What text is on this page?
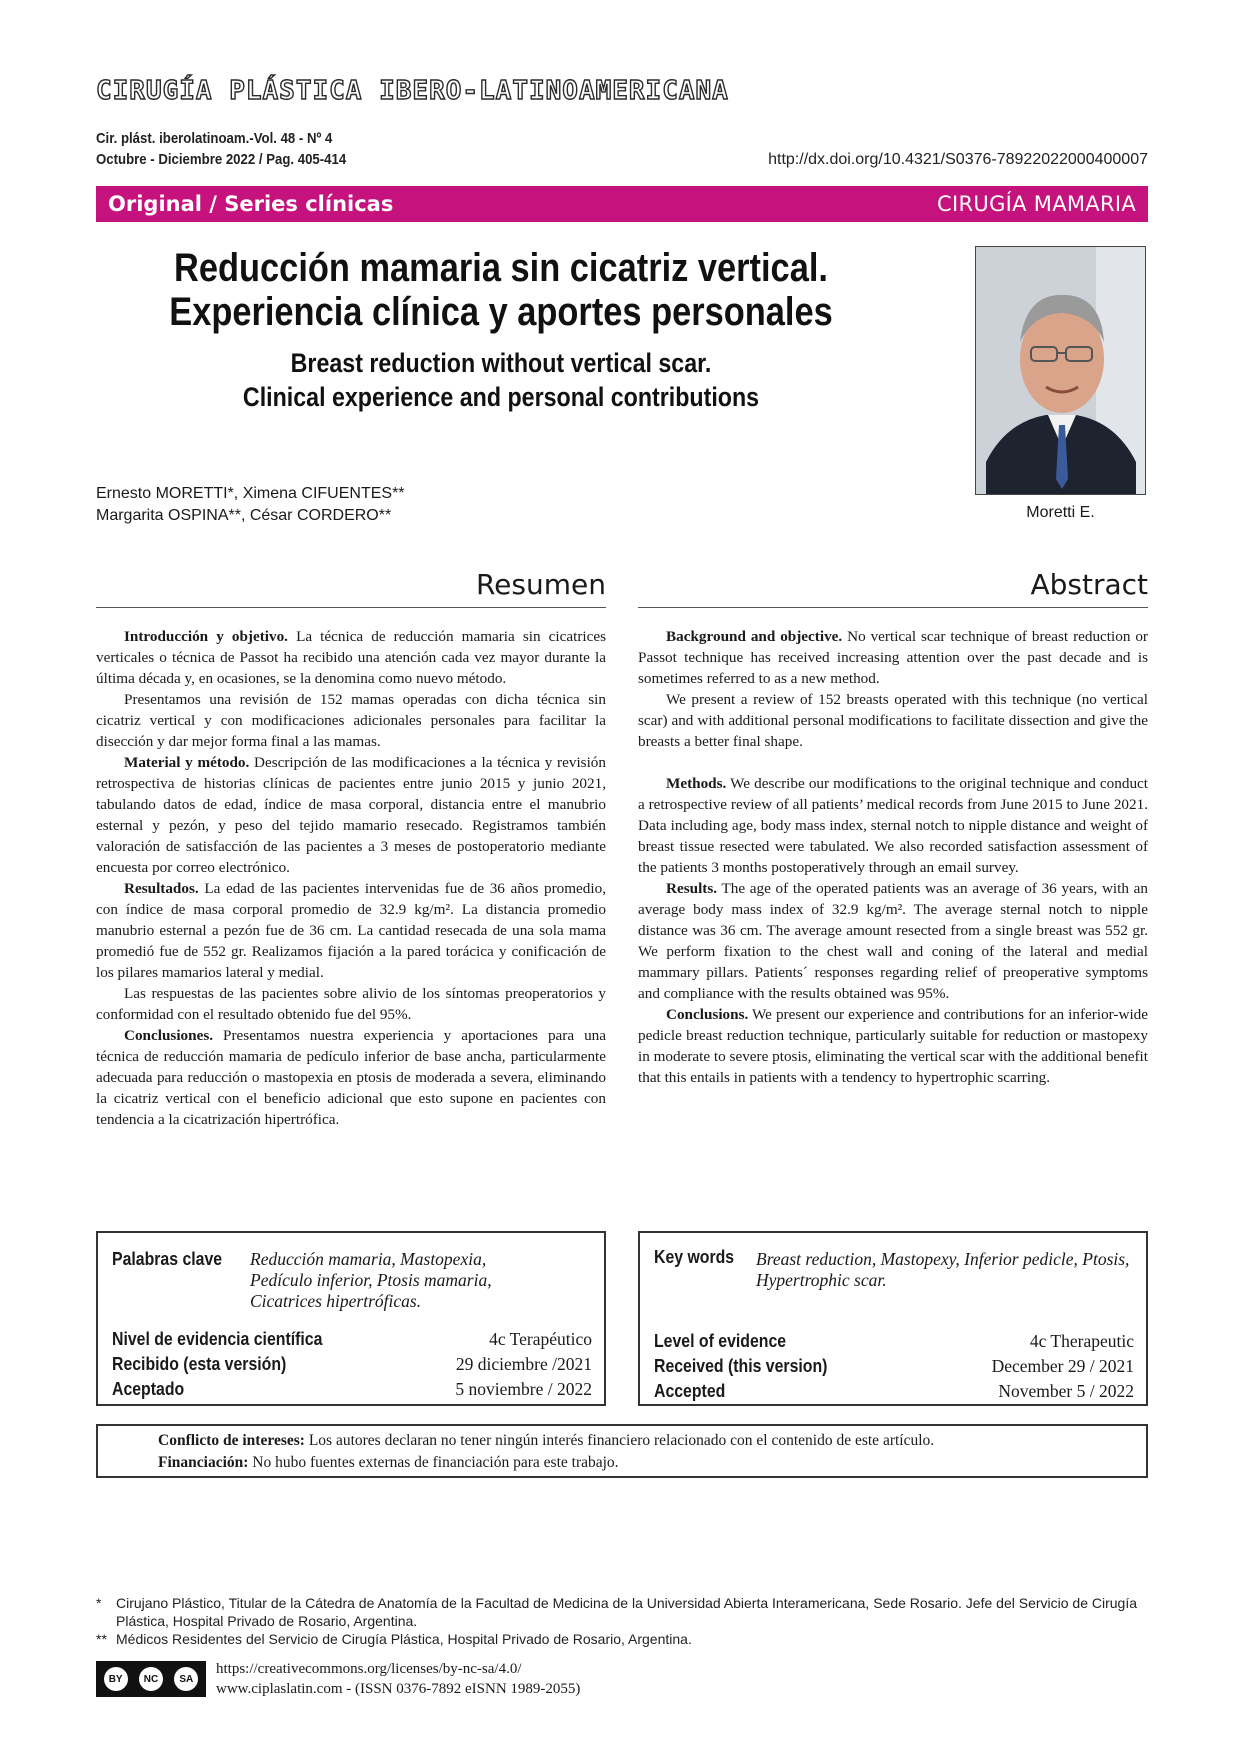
CIRUGÍA PLÁSTICA IBERO-LATINOAMERICANA
Cir. plást. iberolatinoam.-Vol. 48 - Nº 4
Octubre - Diciembre 2022 / Pag. 405-414	http://dx.doi.org/10.4321/S0376-78922022000400007
Original / Series clínicas	CIRUGÍA MAMARIA
Reducción mamaria sin cicatriz vertical.
Experiencia clínica y aportes personales
Breast reduction without vertical scar.
Clinical experience and personal contributions
Moretti E.
Ernesto MORETTI*, Ximena CIFUENTES**
Margarita OSPINA**, César CORDERO**
Resumen	Abstract

Introducción y objetivo. La técnica de reducción mamaria sin cicatrices verticales o técnica de Passot ha recibido una atención cada vez mayor durante la última década y, en ocasiones, se la denomina como nuevo método.

Presentamos una revisión de 152 mamas operadas con dicha técnica sin cicatriz vertical y con modificaciones adicionales personales para facilitar la disección y dar mejor forma final a las mamas.

Material y método. Descripción de las modificaciones a la técnica y revisión retrospectiva de historias clínicas de pacientes entre junio 2015 y junio 2021, tabulando datos de edad, índice de masa corporal, distancia entre el manubrio esternal y pezón, y peso del tejido mamario resecado. Registramos también valoración de satisfacción de las pacientes a 3 meses de postoperatorio mediante encuesta por correo electrónico.

Resultados. La edad de las pacientes intervenidas fue de 36 años promedio, con índice de masa corporal promedio de 32.9 kg/m². La distancia promedio manubrio esternal a pezón fue de 36 cm. La cantidad resecada de una sola mama promedió fue de 552 gr. Realizamos fijación a la pared torácica y conificación de los pilares mamarios lateral y medial.

Las respuestas de las pacientes sobre alivio de los síntomas preoperatorios y conformidad con el resultado obtenido fue del 95%.

Conclusiones. Presentamos nuestra experiencia y aportaciones para una técnica de reducción mamaria de pedículo inferior de base ancha, particularmente adecuada para reducción o mastopexia en ptosis de moderada a severa, eliminando la cicatriz vertical con el beneficio adicional que esto supone en pacientes con tendencia a la cicatrización hipertrófica.

Background and objective. No vertical scar technique of breast reduction or Passot technique has received increasing attention over the past decade and is sometimes referred to as a new method.

We present a review of 152 breasts operated with this technique (no vertical scar) and with additional personal modifications to facilitate dissection and give the breasts a better final shape.

Methods. We describe our modifications to the original technique and conduct a retrospective review of all patients’ medical records from June 2015 to June 2021. Data including age, body mass index, sternal notch to nipple distance and weight of breast tissue resected were tabulated. We also recorded satisfaction assessment of the patients 3 months postoperatively through an email survey.

Results. The age of the operated patients was an average of 36 years, with an average body mass index of 32.9 kg/m². The average sternal notch to nipple distance was 36 cm. The average amount resected from a single breast was 552 gr. We perform fixation to the chest wall and coning of the lateral and medial mammary pillars. Patients´ responses regarding relief of preoperative symptoms and compliance with the results obtained was 95%.

Conclusions. We present our experience and contributions for an inferior-wide pedicle breast reduction technique, particularly suitable for reduction or mastopexy in moderate to severe ptosis, eliminating the vertical scar with the additional benefit that this entails in patients with a tendency to hypertrophic scarring.

Palabras clave Reducción mamaria, Mastopexia, Pedículo inferior, Ptosis mamaria, Cicatrices hipertróficas.
Nivel de evidencia científica	4c Terapéutico
Recibido (esta versión)	29 diciembre /2021
Aceptado	5 noviembre / 2022
Key words Breast reduction, Mastopexy, Inferior pedicle, Ptosis, Hypertrophic scar.
Level of evidence	4c Therapeutic
Received (this version)	December 29 / 2021
Accepted	November 5 / 2022
Conflicto de intereses: Los autores declaran no tener ningún interés financiero relacionado con el contenido de este artículo.
Financiación: No hubo fuentes externas de financiación para este trabajo.
*	Cirujano Plástico, Titular de la Cátedra de Anatomía de la Facultad de Medicina de la Universidad Abierta Interamericana, Sede Rosario. Jefe del Servicio de Cirugía Plástica, Hospital Privado de Rosario, Argentina.
** Médicos Residentes del Servicio de Cirugía Plástica, Hospital Privado de Rosario, Argentina.
BY	NC	SA
https://creativecommons.org/licenses/by-nc-sa/4.0/
www.ciplaslatin.com - (ISSN 0376-7892 eISNN 1989-2055)
